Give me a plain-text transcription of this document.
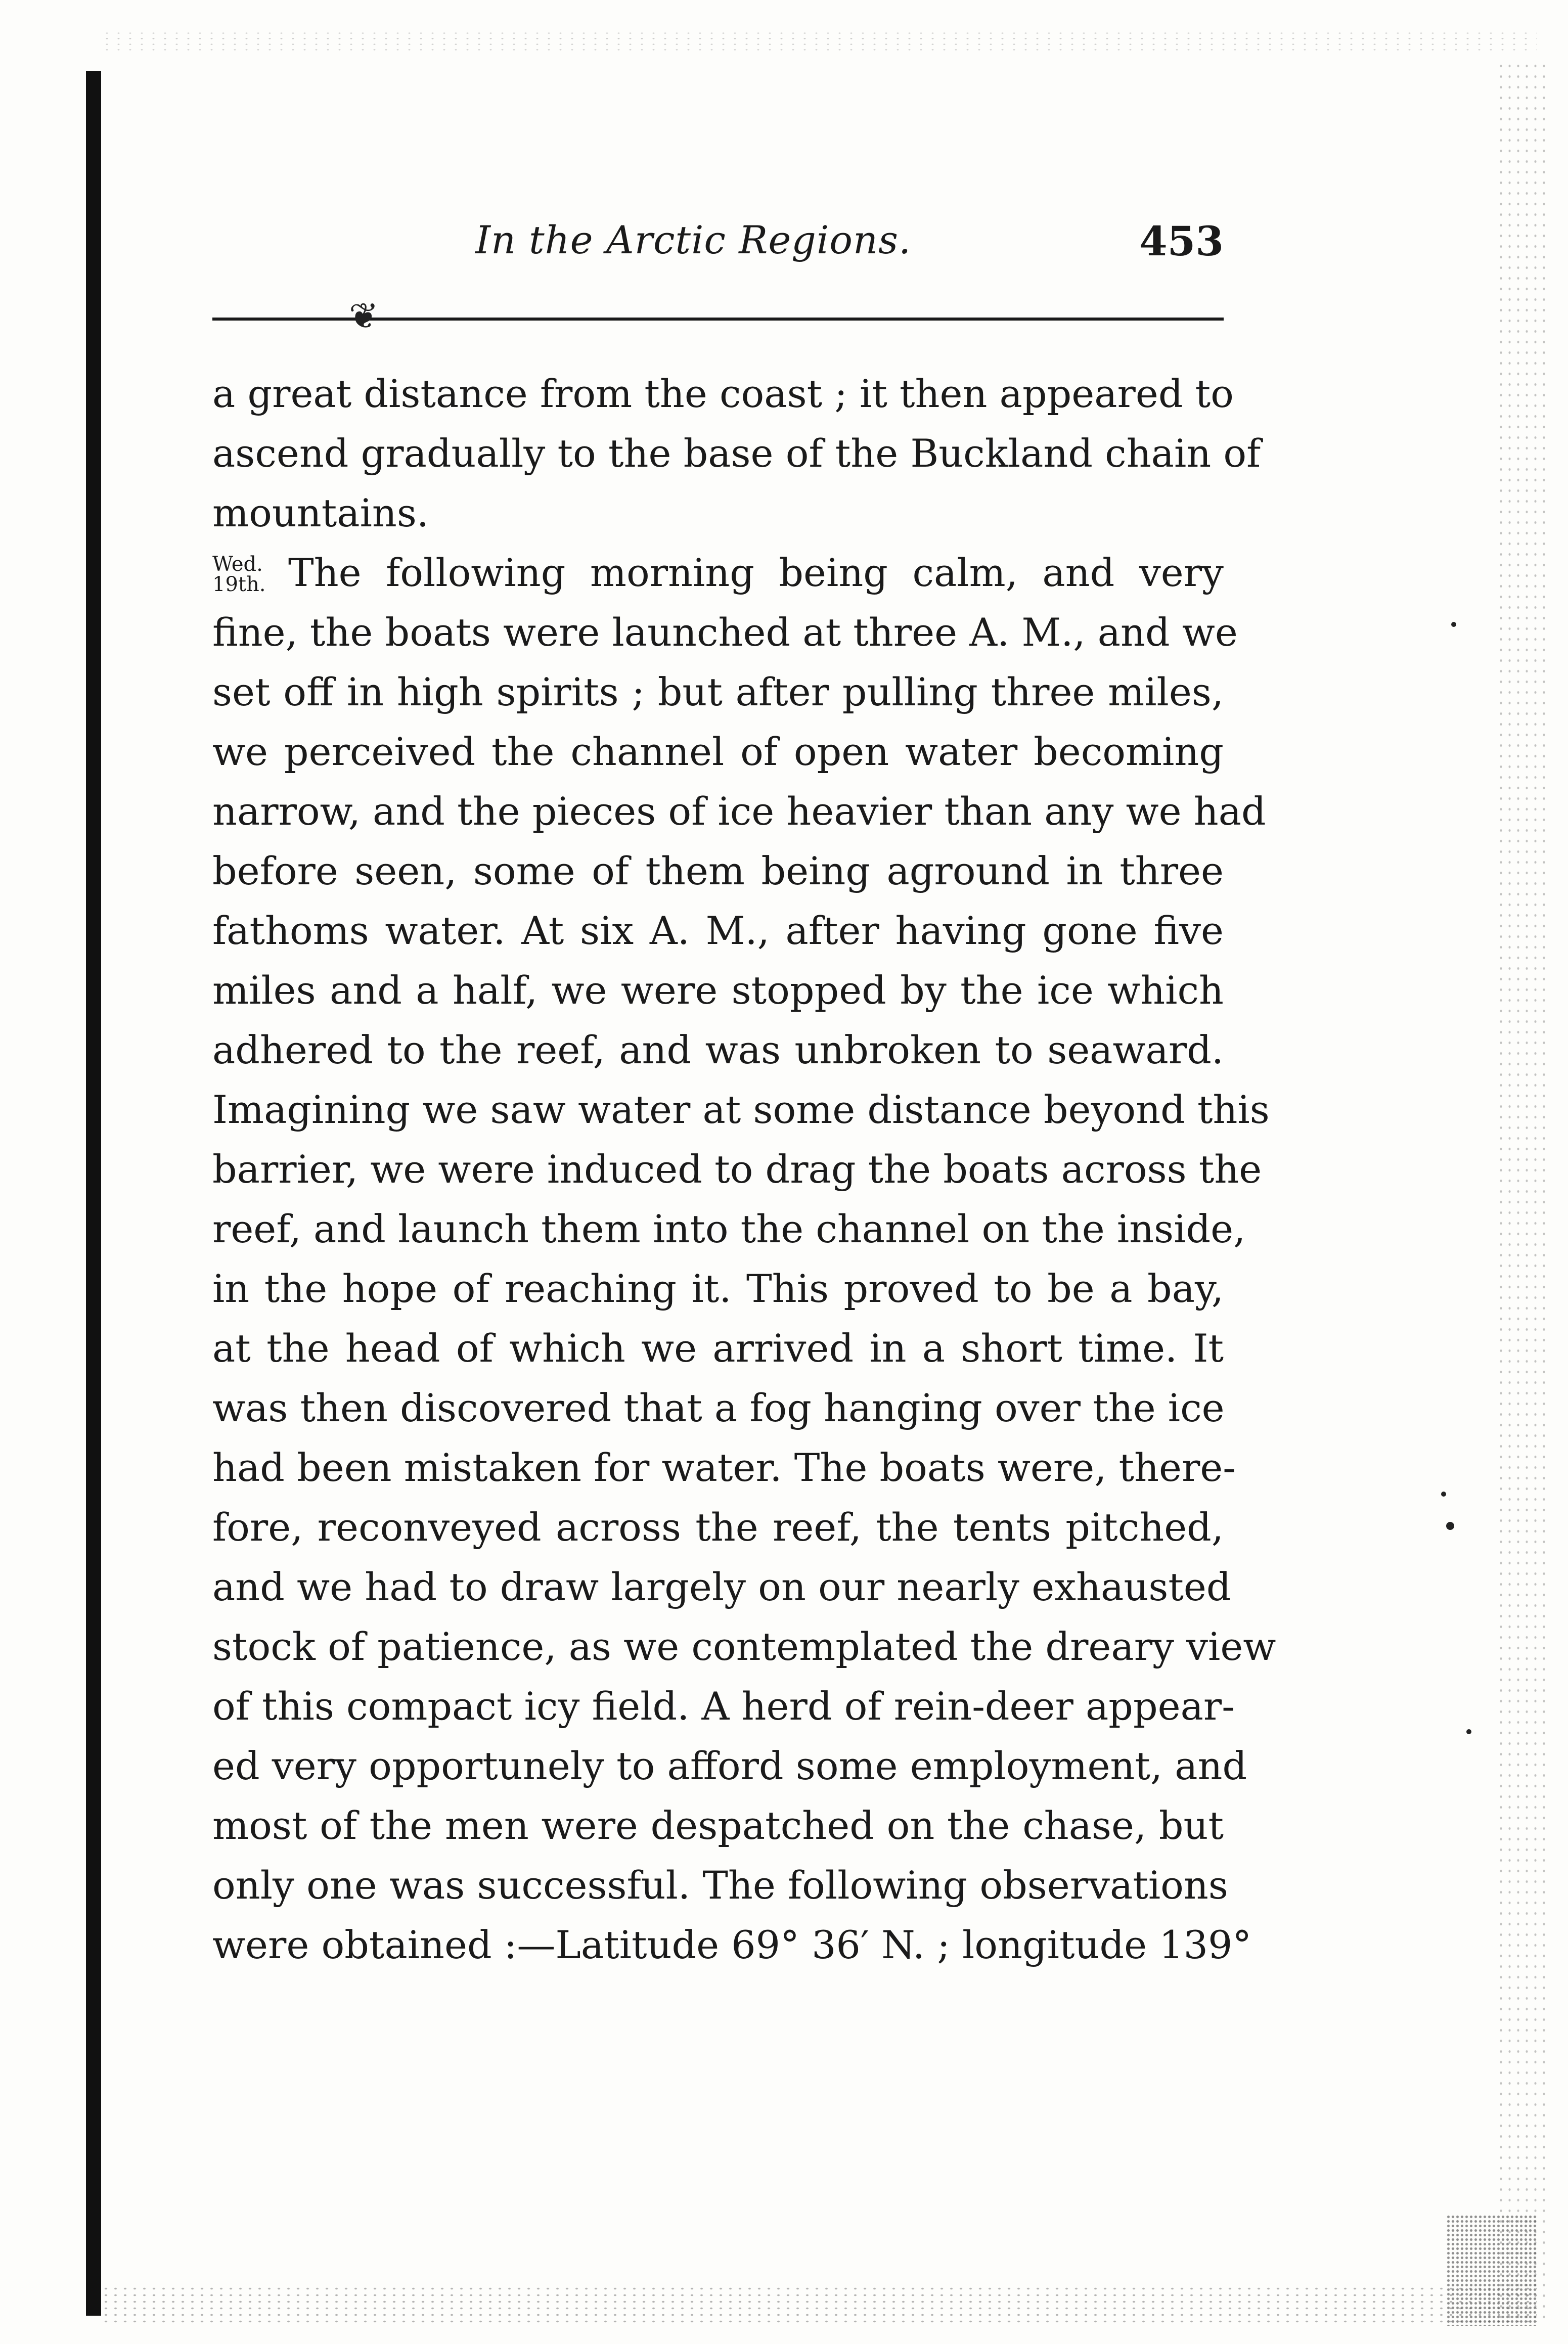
In the Arctic Regions.	453
❦
a great distance from the coast ; it then appeared to
ascend gradually to the base of the Buckland chain of
mountains.
Wed.
19th. The following morning being calm, and very
fine, the boats were launched at three A. M., and we
set off in high spirits ; but after pulling three miles,
we perceived the channel of open water becoming
narrow, and the pieces of ice heavier than any we had
before seen, some of them being aground in three
fathoms water. At six A. M., after having gone five
miles and a half, we were stopped by the ice which
adhered to the reef, and was unbroken to seaward.
Imagining we saw water at some distance beyond this
barrier, we were induced to drag the boats across the
reef, and launch them into the channel on the inside,
in the hope of reaching it. This proved to be a bay,
at the head of which we arrived in a short time. It
was then discovered that a fog hanging over the ice
had been mistaken for water. The boats were, there-
fore, reconveyed across the reef, the tents pitched,
and we had to draw largely on our nearly exhausted
stock of patience, as we contemplated the dreary view
of this compact icy field. A herd of rein-deer appear-
ed very opportunely to afford some employment, and
most of the men were despatched on the chase, but
only one was successful. The following observations
were obtained :—Latitude 69° 36′ N. ; longitude 139°
